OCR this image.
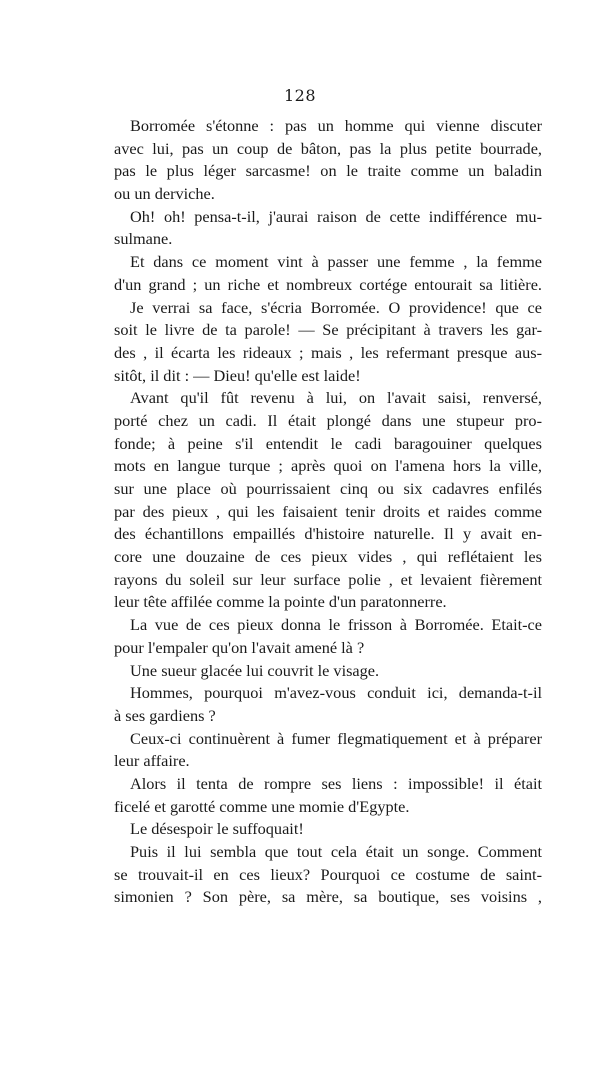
128
Borromée s'étonne : pas un homme qui vienne discuter
avec lui, pas un coup de bâton, pas la plus petite bourrade,
pas le plus léger sarcasme! on le traite comme un baladin
ou un derviche.
Oh! oh! pensa-t-il, j'aurai raison de cette indifférence mu-
sulmane.
Et dans ce moment vint à passer une femme , la femme
d'un grand ; un riche et nombreux cortége entourait sa litière.
Je verrai sa face, s'écria Borromée. O providence! que ce
soit le livre de ta parole! — Se précipitant à travers les gar-
des , il écarta les rideaux ; mais , les refermant presque aus-
sitôt, il dit : — Dieu! qu'elle est laide!
Avant qu'il fût revenu à lui, on l'avait saisi, renversé,
porté chez un cadi. Il était plongé dans une stupeur pro-
fonde; à peine s'il entendit le cadi baragouiner quelques
mots en langue turque ; après quoi on l'amena hors la ville,
sur une place où pourrissaient cinq ou six cadavres enfilés
par des pieux , qui les faisaient tenir droits et raides comme
des échantillons empaillés d'histoire naturelle. Il y avait en-
core une douzaine de ces pieux vides , qui reflétaient les
rayons du soleil sur leur surface polie , et levaient fièrement
leur tête affilée comme la pointe d'un paratonnerre.
La vue de ces pieux donna le frisson à Borromée. Etait-ce
pour l'empaler qu'on l'avait amené là ?
Une sueur glacée lui couvrit le visage.
Hommes, pourquoi m'avez-vous conduit ici, demanda-t-il
à ses gardiens ?
Ceux-ci continuèrent à fumer flegmatiquement et à préparer
leur affaire.
Alors il tenta de rompre ses liens : impossible! il était
ficelé et garotté comme une momie d'Egypte.
Le désespoir le suffoquait!
Puis il lui sembla que tout cela était un songe. Comment
se trouvait-il en ces lieux? Pourquoi ce costume de saint-
simonien ? Son père, sa mère, sa boutique, ses voisins ,
